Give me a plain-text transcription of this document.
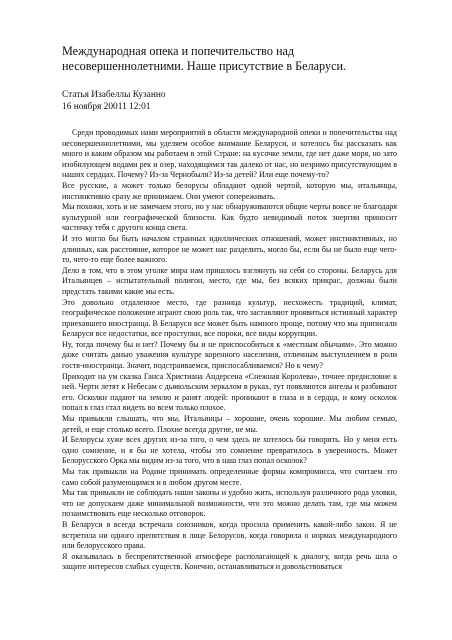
Международная опека и попечительство над несовершеннолетними. Наше присутствие в Беларуси.
Статья Изабеллы Кузанно
16 ноября 20011 12:01

Среди проводимых нами мероприятий в области международной опеки и попечительства над несовершеннолетними, мы уделяем особое внимание Беларуси, и хотелось бы рассказать как много и каким образом мы работаем в этой Стране: на кусочке земли, где нет даже моря, но зато изобилующем водами рек и озер, находящимся так далеко от нас, но незримо присутствующим в наших сердцах. Почему? Из-за Чернобыля? Из-за детей? Или еще почему-то?

Все русские, а может только белорусы обладают одной чертой, которую мы, итальянцы, инстинктивно сразу же принимаем. Они умеют сопереживать.

Мы похожи, хоть и не замечаем этого, но у нас обнаруживаются общие черты вовсе не благодаря культурной или географической близости. Как будто невидимый поток энергии приносит частичку тебя с другого конца света.

И это могло бы быть началом странных идиллических отношений, может инстинктивных, но длинных, как расстояние, которое не может нас разделить, могло бы, если бы не было еще чего-то, чего-то еще более важного.

Дело в том, что в этом уголке мира нам пришлось взглянуть на себя со стороны. Беларусь для Итальянцев – испытательный полигон, место, где мы, без всяких прикрас, должны были предстать такими какие мы есть.

Это довольно отдаленное место, где разница культур, несхожесть традиций, климат, географическое положение играют свою роль так, что заставляют проявиться истинный характер приехавшего иностранца. В Беларуси все может быть намного проще, потому что мы приписали Беларуси все недостатки, все проступки, все пороки, все виды коррупции.

Ну, тогда почему бы и нет? Почему бы и не приспособиться к «местным обычаям». Это можно даже считать данью уважения культуре коренного населения, отличным выступлением в роли гостя-иностранца. Значит, подстраиваемся, приспосабливаемся? Но к чему?

Приходит на ум сказка Ганса Христиана Андерсена «Снежная Королева», точнее предисловие к ней. Черти летят к Небесам с дьявольским зеркалом в руках, тут появляются ангелы и разбивают его. Осколки падают на землю и ранят людей: проникают в глаза и в сердца, и кому осколок попал в глаз стал видеть во всем только плохое.

Мы привыкли слышать, что мы, Итальянцы – хорошие, очень хорошие. Мы любим семью, детей, и еще столько всего. Плохие всегда другие, не мы.

И Белорусы хуже всех других из-за того, о чем здесь не хотелось бы говорить. Но у меня есть одно сомнение, и я бы не хотела, чтобы это сомнение превратилось в уверенность. Может Белорусского Орка мы видим из-за того, что в наш глаз попал осколок?

Мы так привыкли на Родине принимать определенные формы компромисса, что считаем это само собой разумеющимся и в любом другом месте.

Мы так привыкли не соблюдать наши законы и удобно жить, используя различного рода уловки, что не допускаем даже минимальной возможности, что это можно делать там, где мы можем позаимствовать еще несколько отговорок.

В Беларуси я всегда встречала союзников, когда просила применить какой-либо закон. Я не встретила ни одного препятствия в лице Белорусов, когда говорила о нормах международного или белорусского права.

Я оказывалась в беспрепятственной атмосфере располагающей к диалогу, когда речь шла о защите интересов слабых существ. Конечно, останавливаться и довольствоваться
